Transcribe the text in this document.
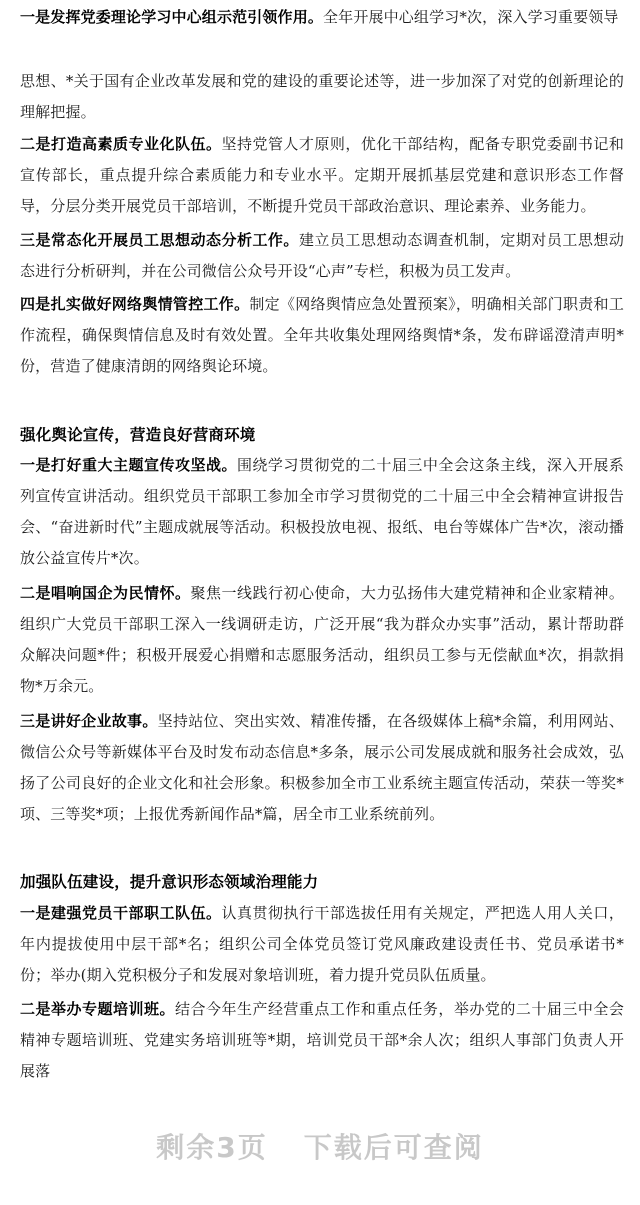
一是发挥党委理论学习中心组示范引领作用。全年开展中心组学习*次，深入学习重要领导
思想、*关于国有企业改革发展和党的建设的重要论述等，进一步加深了对党的创新理论的理解把握。
二是打造高素质专业化队伍。坚持党管人才原则，优化干部结构，配备专职党委副书记和宣传部长，重点提升综合素质能力和专业水平。定期开展抓基层党建和意识形态工作督导，分层分类开展党员干部培训，不断提升党员干部政治意识、理论素养、业务能力。
三是常态化开展员工思想动态分析工作。建立员工思想动态调查机制，定期对员工思想动态进行分析研判，并在公司微信公众号开设“心声”专栏，积极为员工发声。
四是扎实做好网络舆情管控工作。制定《网络舆情应急处置预案》，明确相关部门职责和工作流程，确保舆情信息及时有效处置。全年共收集处理网络舆情*条，发布辟谣澄清声明*份，营造了健康清朗的网络舆论环境。
强化舆论宣传，营造良好营商环境
一是打好重大主题宣传攻坚战。围绕学习贯彻党的二十届三中全会这条主线，深入开展系列宣传宣讲活动。组织党员干部职工参加全市学习贯彻党的二十届三中全会精神宣讲报告会、“奋进新时代”主题成就展等活动。积极投放电视、报纸、电台等媒体广告*次，滚动播放公益宣传片*次。
二是唱响国企为民情怀。聚焦一线践行初心使命，大力弘扬伟大建党精神和企业家精神。组织广大党员干部职工深入一线调研走访，广泛开展“我为群众办实事”活动，累计帮助群众解决问题*件；积极开展爱心捐赠和志愿服务活动，组织员工参与无偿献血*次，捐款捐物*万余元。
三是讲好企业故事。坚持站位、突出实效、精准传播，在各级媒体上稿*余篇，利用网站、微信公众号等新媒体平台及时发布动态信息*多条，展示公司发展成就和服务社会成效，弘扬了公司良好的企业文化和社会形象。积极参加全市工业系统主题宣传活动，荣获一等奖*项、三等奖*项；上报优秀新闻作品*篇，居全市工业系统前列。
加强队伍建设，提升意识形态领域治理能力
一是建强党员干部职工队伍。认真贯彻执行干部选拔任用有关规定，严把选人用人关口，年内提拔使用中层干部*名；组织公司全体党员签订党风廉政建设责任书、党员承诺书*份；举办(期入党积极分子和发展对象培训班，着力提升党员队伍质量。
二是举办专题培训班。结合今年生产经营重点工作和重点任务，举办党的二十届三中全会精神专题培训班、党建实务培训班等*期，培训党员干部*余人次；组织人事部门负责人开展落
剩余3页 下载后可查阅
